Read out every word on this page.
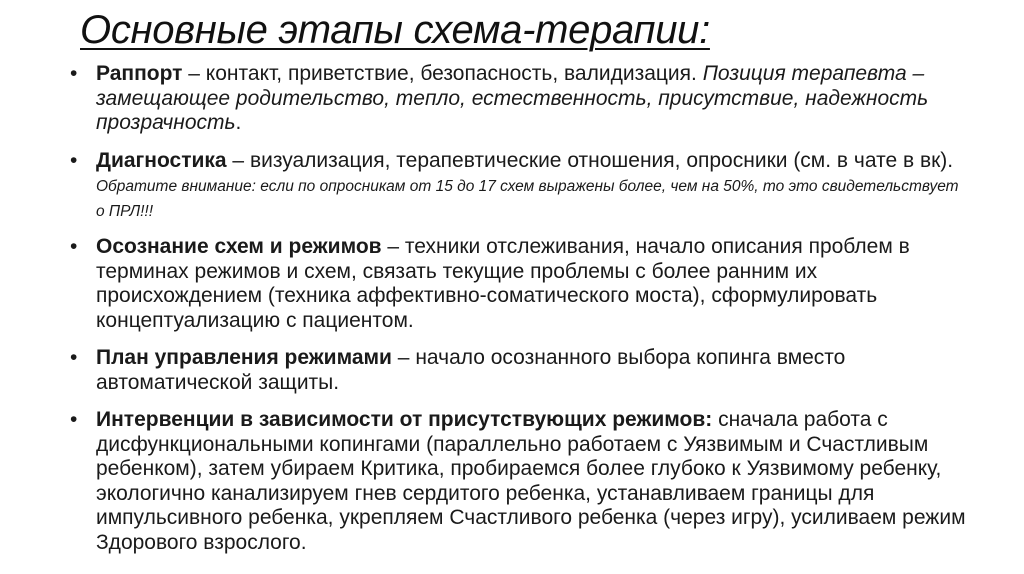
Основные этапы схема-терапии:
• Раппорт – контакт, приветствие, безопасность, валидизация. Позиция терапевта – замещающее родительство, тепло, естественность, присутствие, надежность прозрачность.
• Диагностика – визуализация, терапевтические отношения, опросники (см. в чате в вк). Обратите внимание: если по опросникам от 15 до 17 схем выражены более, чем на 50%, то это свидетельствует о ПРЛ!!!
• Осознание схем и режимов – техники отслеживания, начало описания проблем в терминах режимов и схем, связать текущие проблемы с более ранним их происхождением (техника аффективно-соматического моста), сформулировать концептуализацию с пациентом.
• План управления режимами – начало осознанного выбора копинга вместо автоматической защиты.
• Интервенции в зависимости от присутствующих режимов: сначала работа с дисфункциональными копингами (параллельно работаем с Уязвимым и Счастливым ребенком), затем убираем Критика, пробираемся более глубоко к Уязвимому ребенку, экологично канализируем гнев сердитого ребенка, устанавливаем границы для импульсивного ребенка, укрепляем Счастливого ребенка (через игру), усиливаем режим Здорового взрослого.
